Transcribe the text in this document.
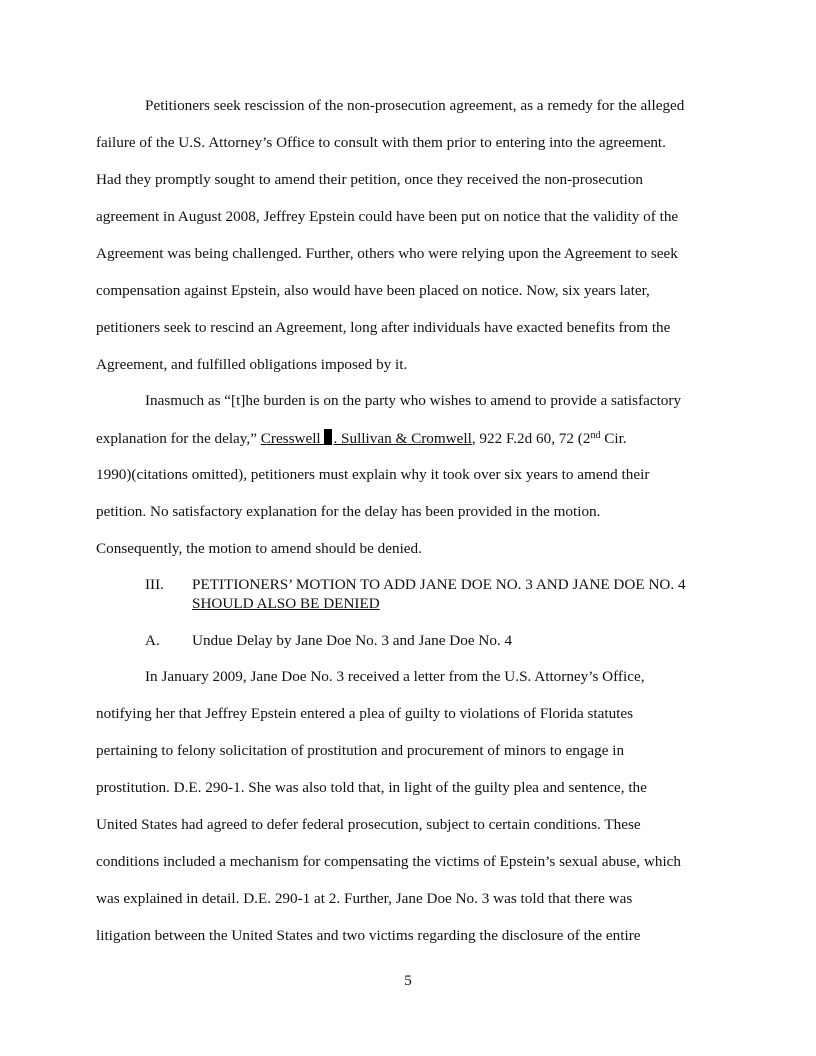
Petitioners seek rescission of the non-prosecution agreement, as a remedy for the alleged
failure of the U.S. Attorney’s Office to consult with them prior to entering into the agreement.
Had they promptly sought to amend their petition, once they received the non-prosecution
agreement in August 2008, Jeffrey Epstein could have been put on notice that the validity of the
Agreement was being challenged. Further, others who were relying upon the Agreement to seek
compensation against Epstein, also would have been placed on notice. Now, six years later,
petitioners seek to rescind an Agreement, long after individuals have exacted benefits from the
Agreement, and fulfilled obligations imposed by it.
Inasmuch as “[t]he burden is on the party who wishes to amend to provide a satisfactory
explanation for the delay,” Cresswell . Sullivan & Cromwell, 922 F.2d 60, 72 (2nd Cir.
1990)(citations omitted), petitioners must explain why it took over six years to amend their
petition. No satisfactory explanation for the delay has been provided in the motion.
Consequently, the motion to amend should be denied.
III. PETITIONERS’ MOTION TO ADD JANE DOE NO. 3 AND JANE DOE NO. 4
SHOULD ALSO BE DENIED
A. Undue Delay by Jane Doe No. 3 and Jane Doe No. 4
In January 2009, Jane Doe No. 3 received a letter from the U.S. Attorney’s Office,
notifying her that Jeffrey Epstein entered a plea of guilty to violations of Florida statutes
pertaining to felony solicitation of prostitution and procurement of minors to engage in
prostitution. D.E. 290-1. She was also told that, in light of the guilty plea and sentence, the
United States had agreed to defer federal prosecution, subject to certain conditions. These
conditions included a mechanism for compensating the victims of Epstein’s sexual abuse, which
was explained in detail. D.E. 290-1 at 2. Further, Jane Doe No. 3 was told that there was
litigation between the United States and two victims regarding the disclosure of the entire
5
